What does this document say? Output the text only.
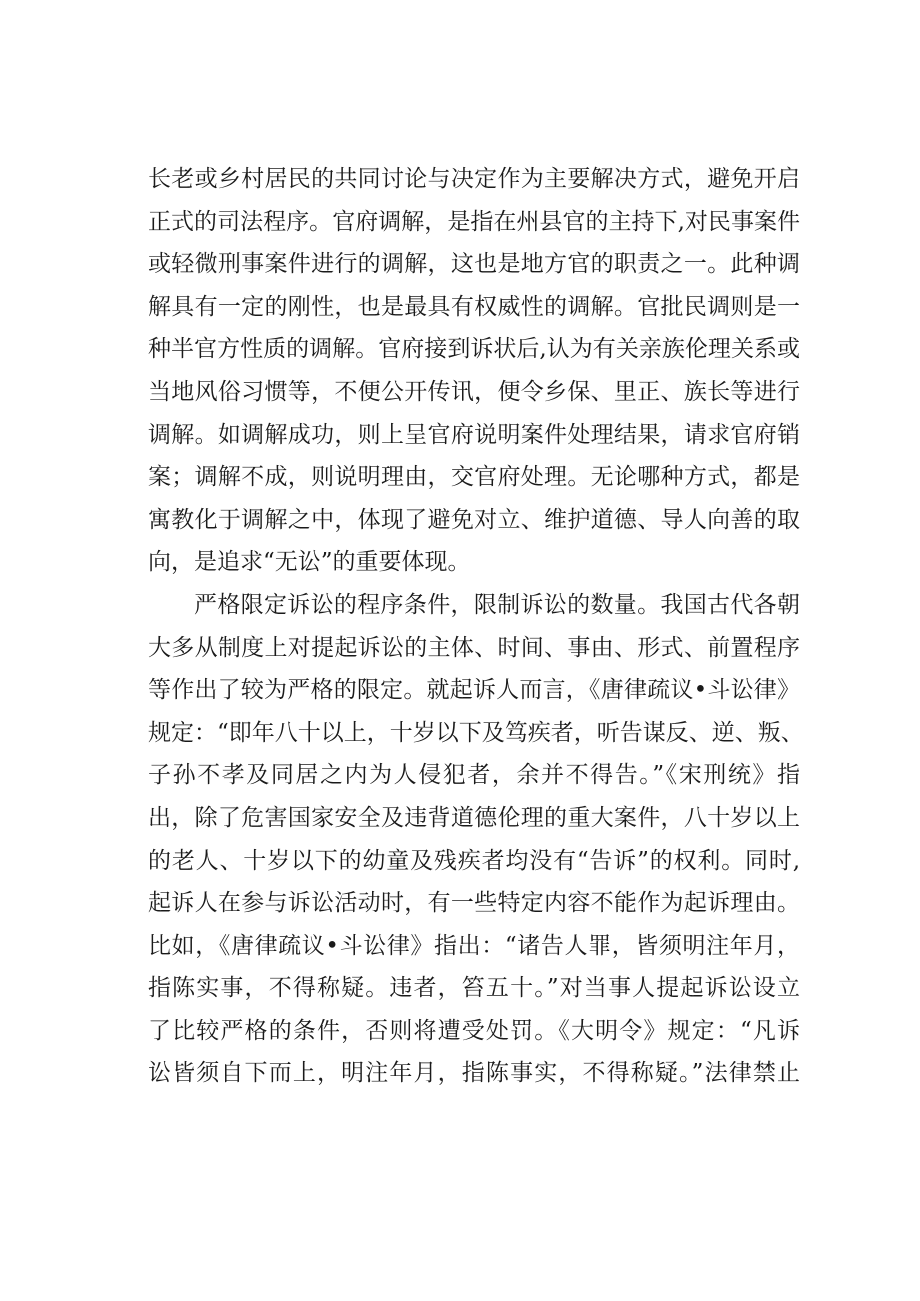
长老或乡村居民的共同讨论与决定作为主要解决方式，避免开启
正式的司法程序。官府调解，是指在州县官的主持下,对民事案件
或轻微刑事案件进行的调解，这也是地方官的职责之一。此种调
解具有一定的刚性，也是最具有权威性的调解。官批民调则是一
种半官方性质的调解。官府接到诉状后,认为有关亲族伦理关系或
当地风俗习惯等，不便公开传讯，便令乡保、里正、族长等进行
调解。如调解成功，则上呈官府说明案件处理结果，请求官府销
案；调解不成，则说明理由，交官府处理。无论哪种方式，都是
寓教化于调解之中，体现了避免对立、维护道德、导人向善的取
向，是追求“无讼”的重要体现。
严格限定诉讼的程序条件，限制诉讼的数量。我国古代各朝
大多从制度上对提起诉讼的主体、时间、事由、形式、前置程序
等作出了较为严格的限定。就起诉人而言，《唐律疏议•斗讼律》
规定：“即年八十以上，十岁以下及笃疾者，听告谋反、逆、叛、
子孙不孝及同居之内为人侵犯者，余并不得告。”《宋刑统》指
出，除了危害国家安全及违背道德伦理的重大案件，八十岁以上
的老人、十岁以下的幼童及残疾者均没有“告诉”的权利。同时,
起诉人在参与诉讼活动时，有一些特定内容不能作为起诉理由。
比如，《唐律疏议•斗讼律》指出：“诸告人罪，皆须明注年月，
指陈实事，不得称疑。违者，笞五十。”对当事人提起诉讼设立
了比较严格的条件，否则将遭受处罚。《大明令》规定：“凡诉
讼皆须自下而上，明注年月，指陈事实，不得称疑。”法律禁止
